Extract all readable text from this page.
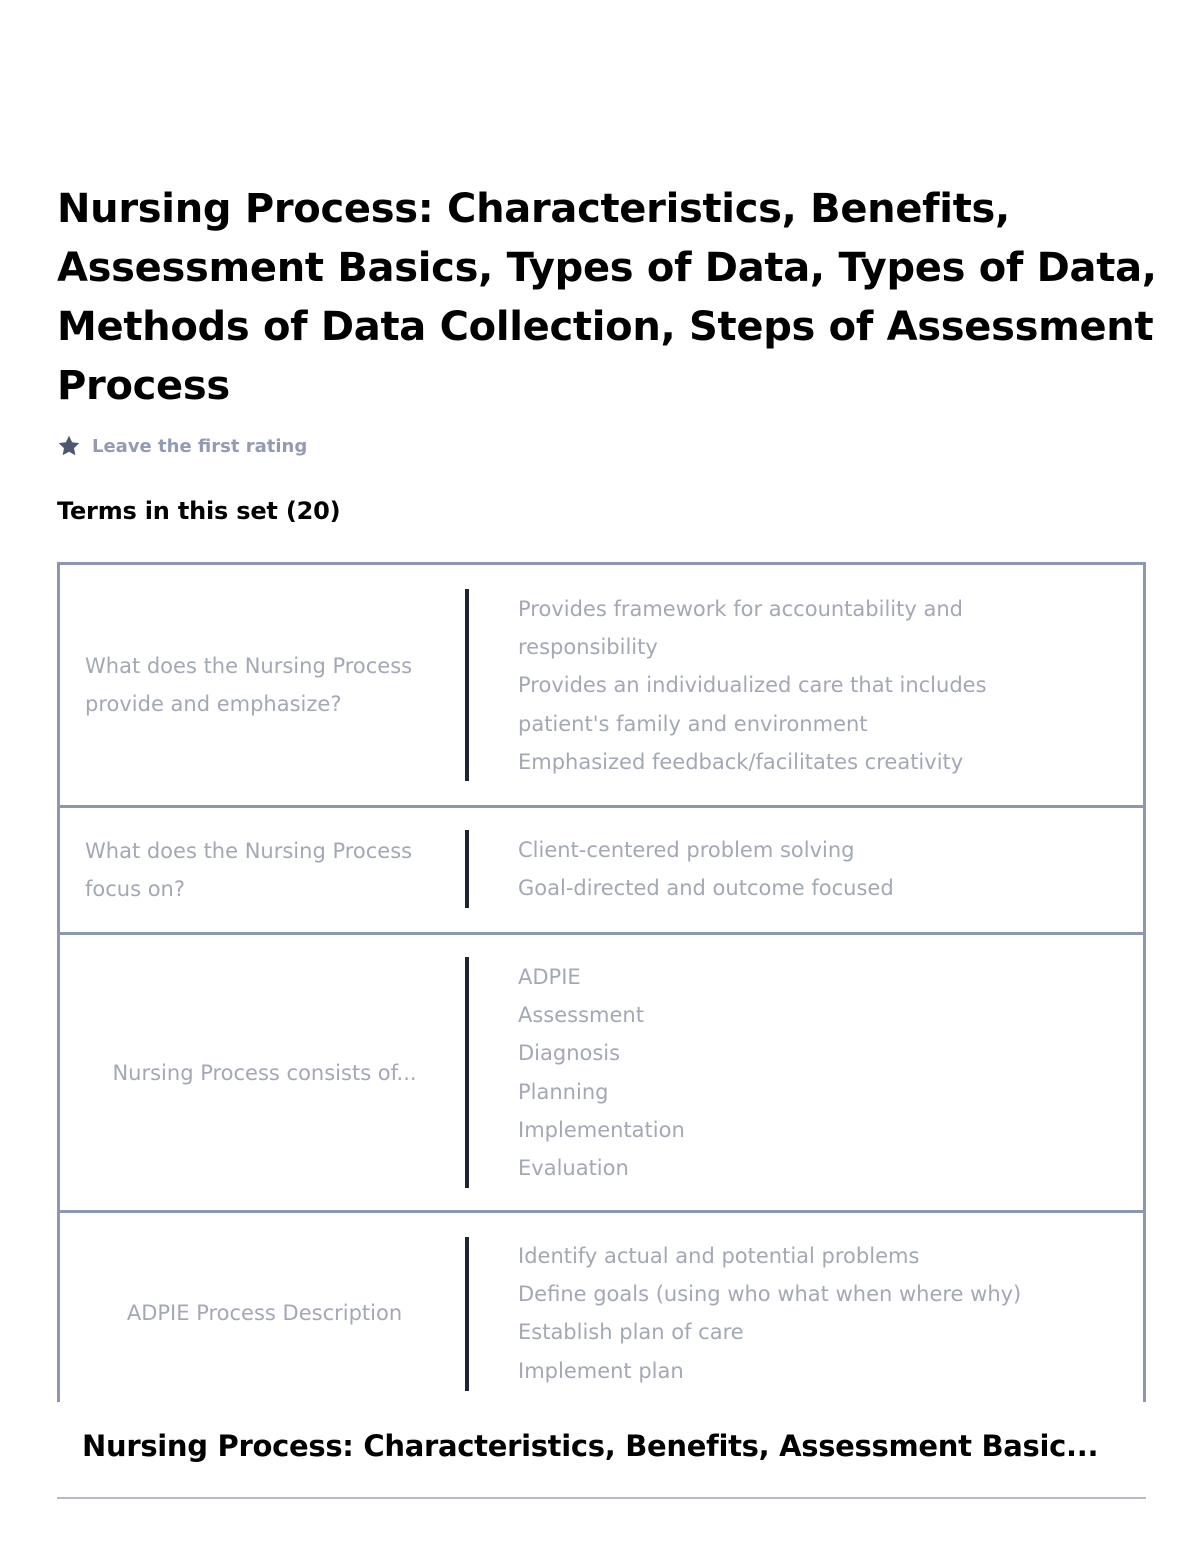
Nursing Process: Characteristics, Benefits, Assessment Basics, Types of Data, Types of Data, Methods of Data Collection, Steps of Assessment Process
Leave the first rating
Terms in this set (20)
What does the Nursing Process provide and emphasize?
Provides framework for accountability and
responsibility
Provides an individualized care that includes
patient's family and environment
Emphasized feedback/facilitates creativity
What does the Nursing Process focus on?
Client-centered problem solving
Goal-directed and outcome focused
Nursing Process consists of...
ADPIE
Assessment
Diagnosis
Planning
Implementation
Evaluation
ADPIE Process Description
Identify actual and potential problems
Define goals (using who what when where why)
Establish plan of care
Implement plan
Nursing Process: Characteristics, Benefits, Assessment Basic...
